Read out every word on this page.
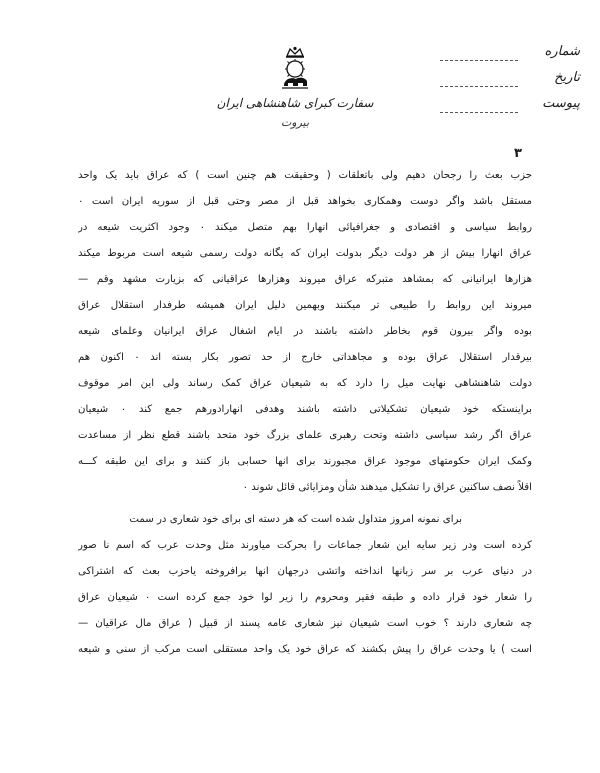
سفارت کبرای شاهنشاهی ایران
بیروت
شماره
تاریخ
پیوست
۳
حزب بعث را رجحان دهیم ولی باتعلقات ( وحقیقت هم چنین است ) که عراق باید یک واحد
مستقل باشد واگر دوست وهمکاری بخواهد قبل از مصر وحتی قبل از سوریه ایران است ۰
روابط سیاسی و اقتصادی و جغرافیائی انهارا بهم متصل میکند ۰ وجود اکثریت شیعه در
عراق انهارا بیش از هر دولت دیگر بدولت ایران که یگانه دولت رسمی شیعه است مربوط میکند
هزارها ایرانیانی که بمشاهد متبرکه عراق میروند وهزارها عراقیانی که بزیارت مشهد وقم —
میروند این روابط را طبیعی تر میکنند وبهمین دلیل ایران همیشه طرفدار استقلال عراق
بوده واگر بیرون قوم بخاطر داشته باشند در ایام اشغال عراق ایرانیان وعلمای شیعه
بیرقدار استقلال عراق بوده و مجاهداتی خارج از حد تصور بکار بسته اند ۰ اکنون هم
دولت شاهنشاهی نهایت میل را دارد که به شیعیان عراق کمک رساند ولی این امر موقوف
براینستکه خود شیعیان تشکیلاتی داشته باشند وهدفی انهارادورهم جمع کند ۰ شیعیان
عراق اگر رشد سیاسی داشته وتحت رهبری علمای بزرگ خود متحد باشند قطع نظر از مساعدت
وکمک ایران حکومتهای موجود عراق مجبورند برای انها حسابی باز کنند و برای این طبقه کـــه
اقلاً نصف ساکنین عراق را تشکیل میدهند شأن ومزایائی قائل شوند ۰
برای نمونه امروز متداول شده است که هر دسته ای برای خود شعاری در سمت
کرده است ودر زیر سایه این شعار جماعات را بحرکت میاورند مثل وحدت عرب که اسم نا صور
در دنیای عرب بر سر زبانها انداخته واتشی درجهان انها برافروخته یاحزب بعث که اشتراکی
را شعار خود قرار داده و طبقه فقیر ومحروم را زیر لوا خود جمع کرده است ۰ شیعیان عراق
چه شعاری دارند ؟ خوب است شیعیان نیز شعاری عامه پسند از قبیل ( عراق مال عراقیان —
است ) یا وحدت عراق را پیش بکشند که عراق خود یک واحد مستقلی است مرکب از سنی و شیعه
